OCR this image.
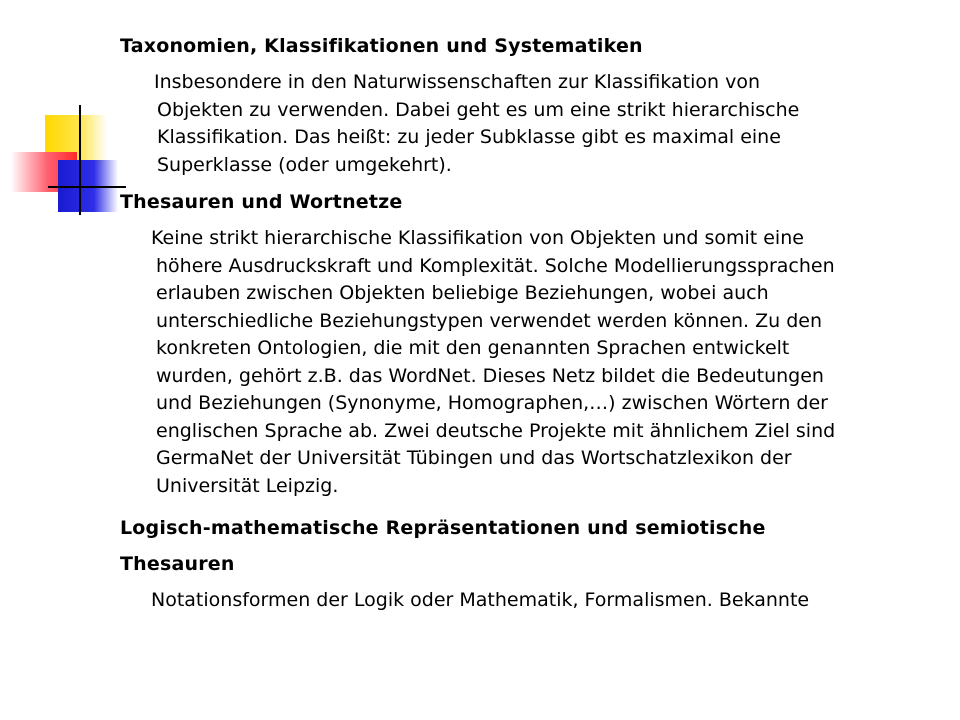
Taxonomien, Klassifikationen und Systematiken
Insbesondere in den Naturwissenschaften zur Klassifikation von
Objekten zu verwenden. Dabei geht es um eine strikt hierarchische
Klassifikation. Das heißt: zu jeder Subklasse gibt es maximal eine
Superklasse (oder umgekehrt).
Thesauren und Wortnetze
Keine strikt hierarchische Klassifikation von Objekten und somit eine
höhere Ausdruckskraft und Komplexität. Solche Modellierungssprachen
erlauben zwischen Objekten beliebige Beziehungen, wobei auch
unterschiedliche Beziehungstypen verwendet werden können. Zu den
konkreten Ontologien, die mit den genannten Sprachen entwickelt
wurden, gehört z.B. das WordNet. Dieses Netz bildet die Bedeutungen
und Beziehungen (Synonyme, Homographen,…) zwischen Wörtern der
englischen Sprache ab. Zwei deutsche Projekte mit ähnlichem Ziel sind
GermaNet der Universität Tübingen und das Wortschatzlexikon der
Universität Leipzig.
Logisch-mathematische Repräsentationen und semiotische
Thesauren
Notationsformen der Logik oder Mathematik, Formalismen. Bekannte
